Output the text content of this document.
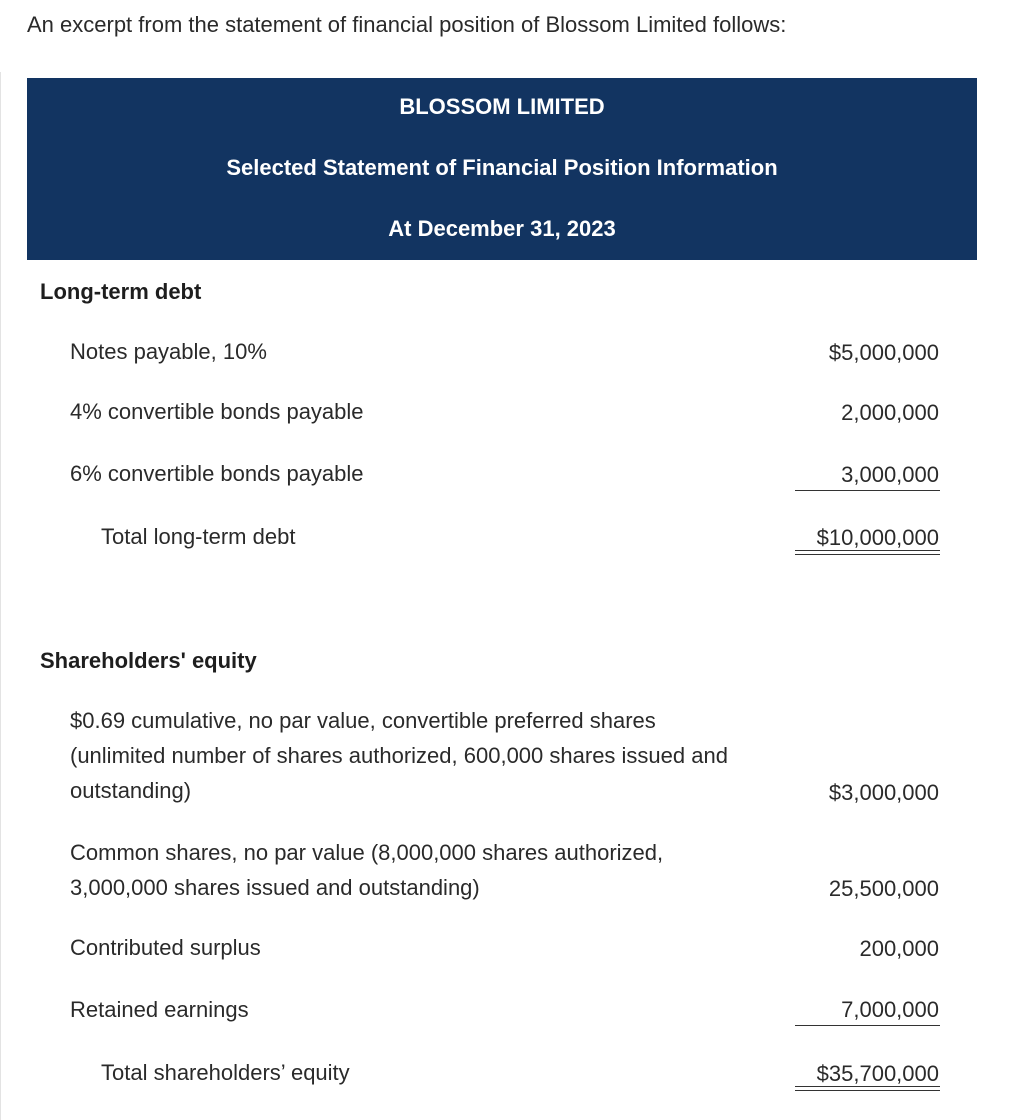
An excerpt from the statement of financial position of Blossom Limited follows:
BLOSSOM LIMITED
Selected Statement of Financial Position Information
At December 31, 2023
Long-term debt
Notes payable, 10%	$5,000,000
4% convertible bonds payable	2,000,000
6% convertible bonds payable	3,000,000
Total long-term debt	$10,000,000
Shareholders' equity
$0.69 cumulative, no par value, convertible preferred shares (unlimited number of shares authorized, 600,000 shares issued and outstanding)	$3,000,000
Common shares, no par value (8,000,000 shares authorized, 3,000,000 shares issued and outstanding)	25,500,000
Contributed surplus	200,000
Retained earnings	7,000,000
Total shareholders’ equity	$35,700,000
